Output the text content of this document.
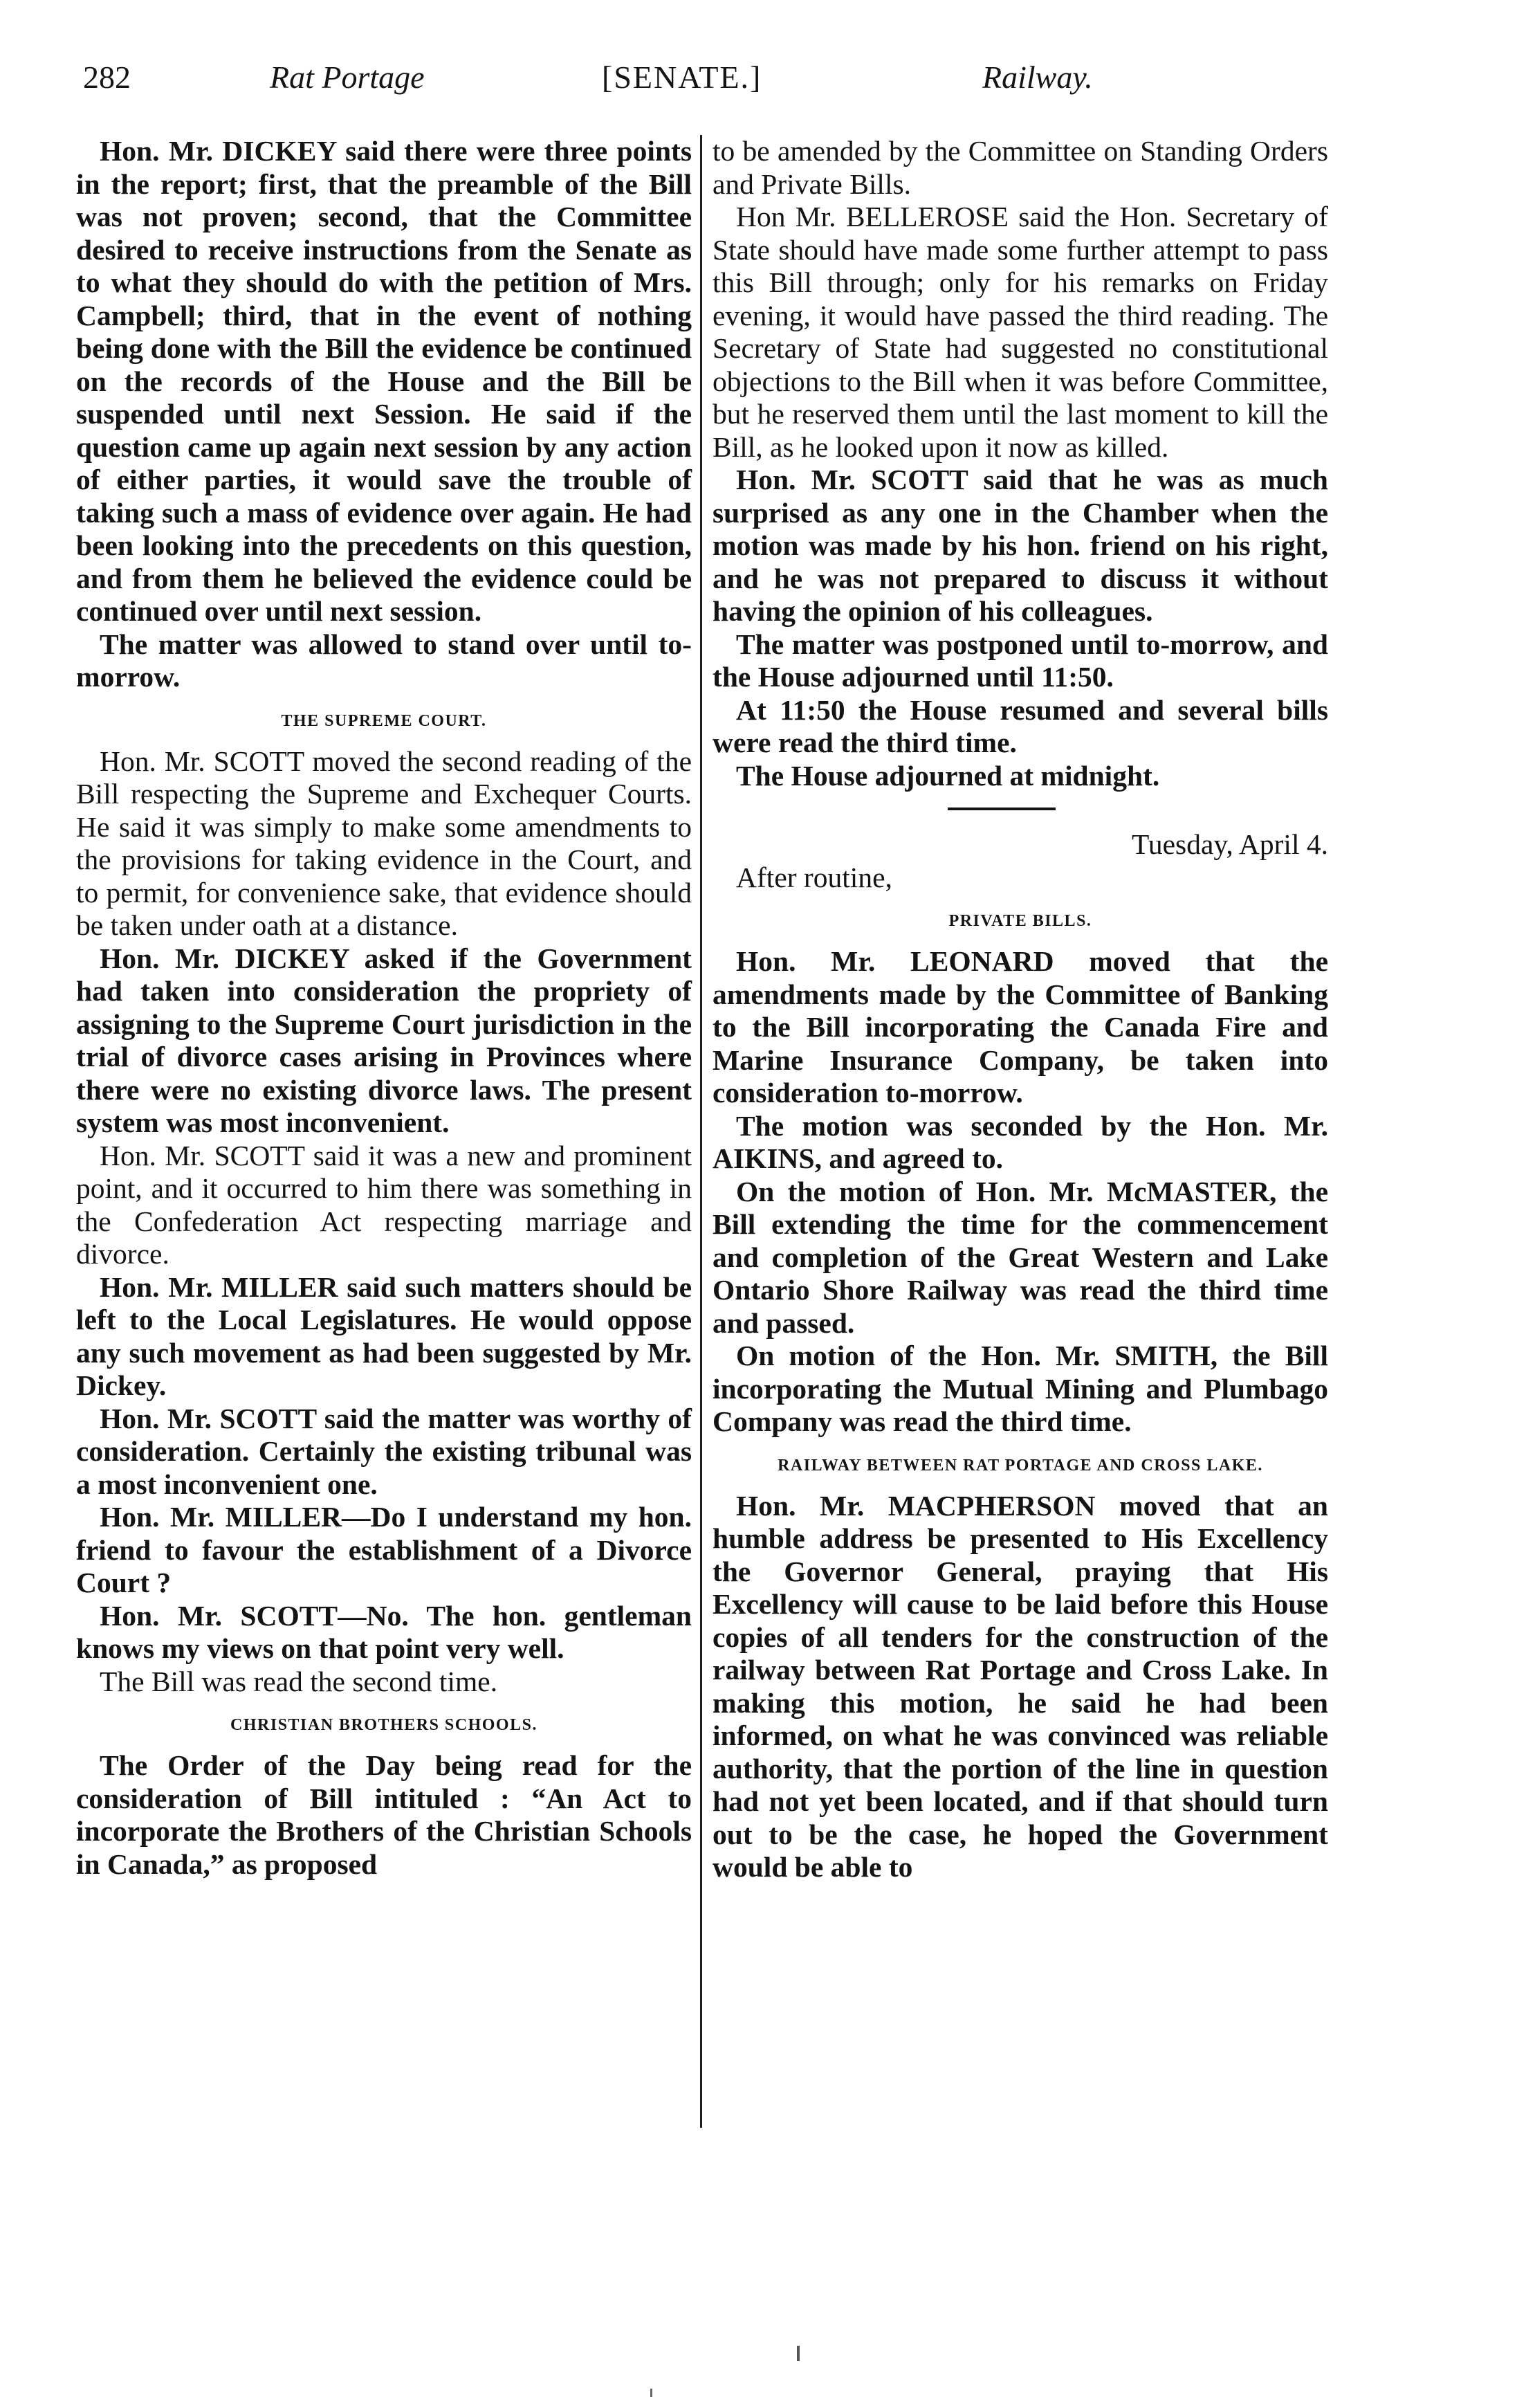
282	Rat Portage	[SENATE.]	Railway.

Hon. Mr. DICKEY said there were three points in the report; first, that the preamble of the Bill was not proven; second, that the Committee desired to receive instructions from the Senate as to what they should do with the petition of Mrs. Campbell; third, that in the event of nothing being done with the Bill the evidence be continued on the records of the House and the Bill be suspended until next Session. He said if the question came up again next session by any action of either parties, it would save the trouble of taking such a mass of evidence over again. He had been looking into the precedents on this question, and from them he believed the evidence could be continued over until next session.

The matter was allowed to stand over until to-morrow.

THE SUPREME COURT.

Hon. Mr. SCOTT moved the second reading of the Bill respecting the Supreme and Exchequer Courts. He said it was simply to make some amendments to the provisions for taking evidence in the Court, and to permit, for convenience sake, that evidence should be taken under oath at a distance.

Hon. Mr. DICKEY asked if the Government had taken into consideration the propriety of assigning to the Supreme Court jurisdiction in the trial of divorce cases arising in Provinces where there were no existing divorce laws. The present system was most inconvenient.

Hon. Mr. SCOTT said it was a new and prominent point, and it occurred to him there was something in the Confederation Act respecting marriage and divorce.

Hon. Mr. MILLER said such matters should be left to the Local Legislatures. He would oppose any such movement as had been suggested by Mr. Dickey.

Hon. Mr. SCOTT said the matter was worthy of consideration. Certainly the existing tribunal was a most inconvenient one.

Hon. Mr. MILLER—Do I understand my hon. friend to favour the establishment of a Divorce Court ?

Hon. Mr. SCOTT—No. The hon. gentleman knows my views on that point very well.

The Bill was read the second time.

CHRISTIAN BROTHERS SCHOOLS.

The Order of the Day being read for the consideration of Bill intituled : “An Act to incorporate the Brothers of the Christian Schools in Canada,” as proposed

to be amended by the Committee on Standing Orders and Private Bills.

Hon Mr. BELLEROSE said the Hon. Secretary of State should have made some further attempt to pass this Bill through; only for his remarks on Friday evening, it would have passed the third reading. The Secretary of State had suggested no constitutional objections to the Bill when it was before Committee, but he reserved them until the last moment to kill the Bill, as he looked upon it now as killed.

Hon. Mr. SCOTT said that he was as much surprised as any one in the Chamber when the motion was made by his hon. friend on his right, and he was not prepared to discuss it without having the opinion of his colleagues.

The matter was postponed until to-morrow, and the House adjourned until 11:50.

At 11:50 the House resumed and several bills were read the third time.

The House adjourned at midnight.

Tuesday, April 4.

After routine,

PRIVATE BILLS.

Hon. Mr. LEONARD moved that the amendments made by the Committee of Banking to the Bill incorporating the Canada Fire and Marine Insurance Company, be taken into consideration to-morrow.

The motion was seconded by the Hon. Mr. AIKINS, and agreed to.

On the motion of Hon. Mr. McMASTER, the Bill extending the time for the commencement and completion of the Great Western and Lake Ontario Shore Railway was read the third time and passed.

On motion of the Hon. Mr. SMITH, the Bill incorporating the Mutual Mining and Plumbago Company was read the third time.

RAILWAY BETWEEN RAT PORTAGE AND CROSS LAKE.

Hon. Mr. MACPHERSON moved that an humble address be presented to His Excellency the Governor General, praying that His Excellency will cause to be laid before this House copies of all tenders for the construction of the railway between Rat Portage and Cross Lake. In making this motion, he said he had been informed, on what he was convinced was reliable authority, that the portion of the line in question had not yet been located, and if that should turn out to be the case, he hoped the Government would be able to
